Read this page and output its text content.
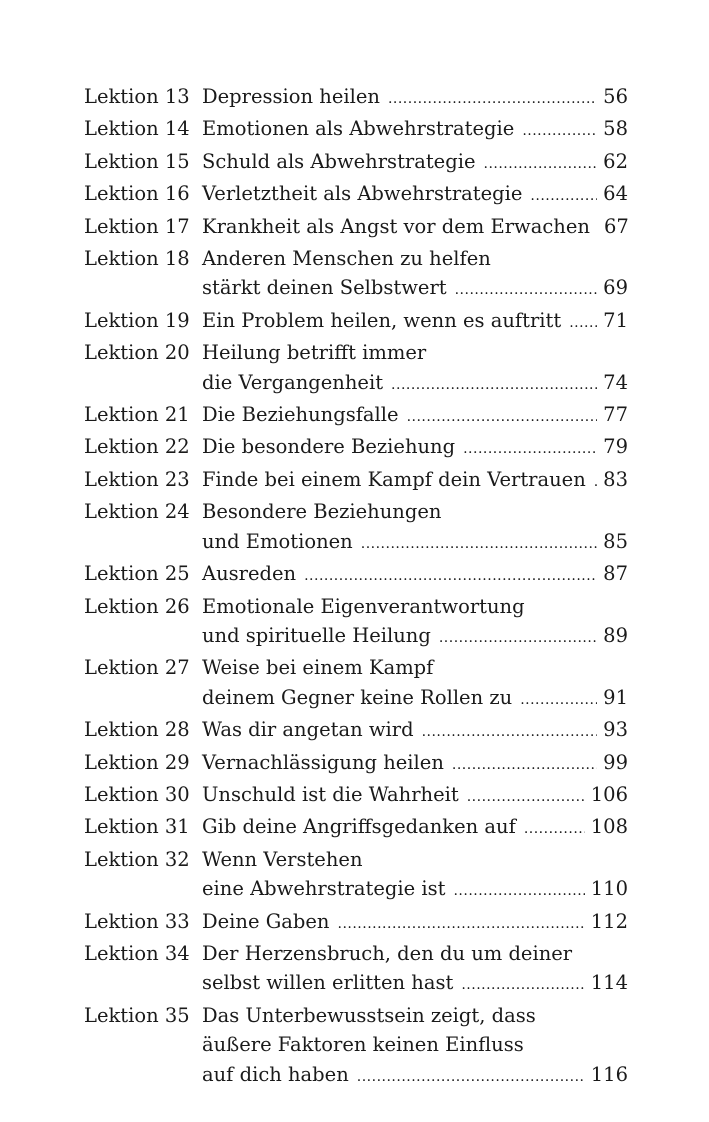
Lektion 13 Depression heilen .....	56
Lektion 14 Emotionen als Abwehrstrategie .....	58
Lektion 15 Schuld als Abwehrstrategie .....	62
Lektion 16 Verletztheit als Abwehrstrategie .....	64
Lektion 17 Krankheit als Angst vor dem Erwachen 67
Lektion 18 Anderen Menschen zu helfen
stärkt deinen Selbstwert .....	69
Lektion 19 Ein Problem heilen, wenn es auftritt ..... 71
Lektion 20 Heilung betrifft immer
die Vergangenheit .....	74
Lektion 21 Die Beziehungsfalle .....	77
Lektion 22 Die besondere Beziehung .....	79
Lektion 23 Finde bei einem Kampf dein Vertrauen ..... 83
Lektion 24 Besondere Beziehungen
und Emotionen .....	85
Lektion 25 Ausreden .....	87
Lektion 26 Emotionale Eigenverantwortung
und spirituelle Heilung .....	89
Lektion 27 Weise bei einem Kampf
deinem Gegner keine Rollen zu .....	91
Lektion 28 Was dir angetan wird .....	93
Lektion 29 Vernachlässigung heilen .....	99
Lektion 30 Unschuld ist die Wahrheit .....	106
Lektion 31 Gib deine Angriffsgedanken auf .....	108
Lektion 32 Wenn Verstehen
eine Abwehrstrategie ist .....	110
Lektion 33 Deine Gaben .....	112
Lektion 34 Der Herzensbruch, den du um deiner
selbst willen erlitten hast .....	114
Lektion 35 Das Unterbewusstsein zeigt, dass
äußere Faktoren keinen Einfluss
auf dich haben .....	116
